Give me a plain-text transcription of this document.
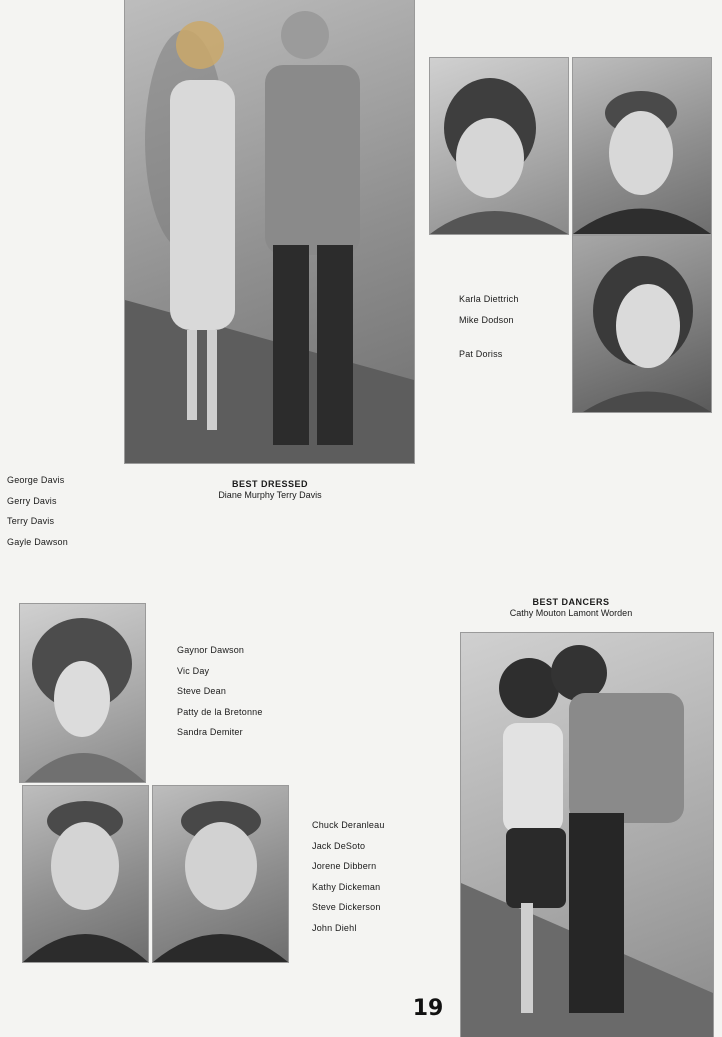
Karla Diettrich
Mike Dodson
Pat Doriss
George Davis
Gerry Davis
Terry Davis
Gayle Dawson
BEST DRESSED
Diane Murphy Terry Davis
BEST DANCERS
Cathy Mouton Lamont Worden
Gaynor Dawson
Vic Day
Steve Dean
Patty de la Bretonne
Sandra Demiter
Chuck Deranleau
Jack DeSoto
Jorene Dibbern
Kathy Dickeman
Steve Dickerson
John Diehl
19
